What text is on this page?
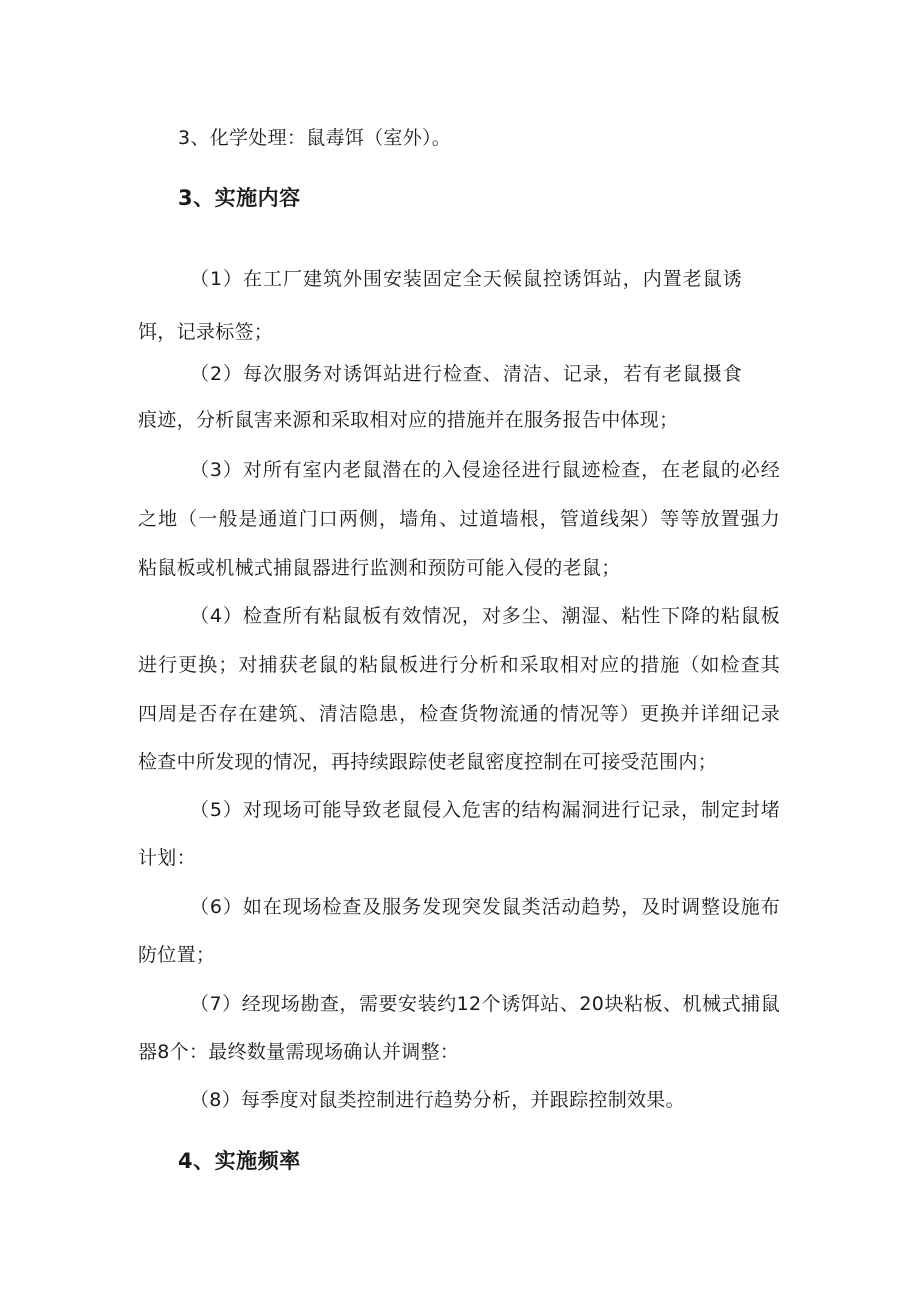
3、化学处理：鼠毒饵（室外）。
3、实施内容
（1）在工厂建筑外围安装固定全天候鼠控诱饵站，内置老鼠诱
饵，记录标签；
（2）每次服务对诱饵站进行检查、清洁、记录，若有老鼠摄食
痕迹，分析鼠害来源和采取相对应的措施并在服务报告中体现；
（3）对所有室内老鼠潜在的入侵途径进行鼠迹检查，在老鼠的必经
之地（一般是通道门口两侧，墙角、过道墙根，管道线架）等等放置强力
粘鼠板或机械式捕鼠器进行监测和预防可能入侵的老鼠；
（4）检查所有粘鼠板有效情况，对多尘、潮湿、粘性下降的粘鼠板
进行更换；对捕获老鼠的粘鼠板进行分析和采取相对应的措施（如检查其
四周是否存在建筑、清洁隐患，检查货物流通的情况等）更换并详细记录
检查中所发现的情况，再持续跟踪使老鼠密度控制在可接受范围内；
（5）对现场可能导致老鼠侵入危害的结构漏洞进行记录，制定封堵
计划：
（6）如在现场检查及服务发现突发鼠类活动趋势，及时调整设施布
防位置；
（7）经现场勘查，需要安装约12个诱饵站、20块粘板、机械式捕鼠
器8个：最终数量需现场确认并调整：
（8）每季度对鼠类控制进行趋势分析，并跟踪控制效果。
4、实施频率
